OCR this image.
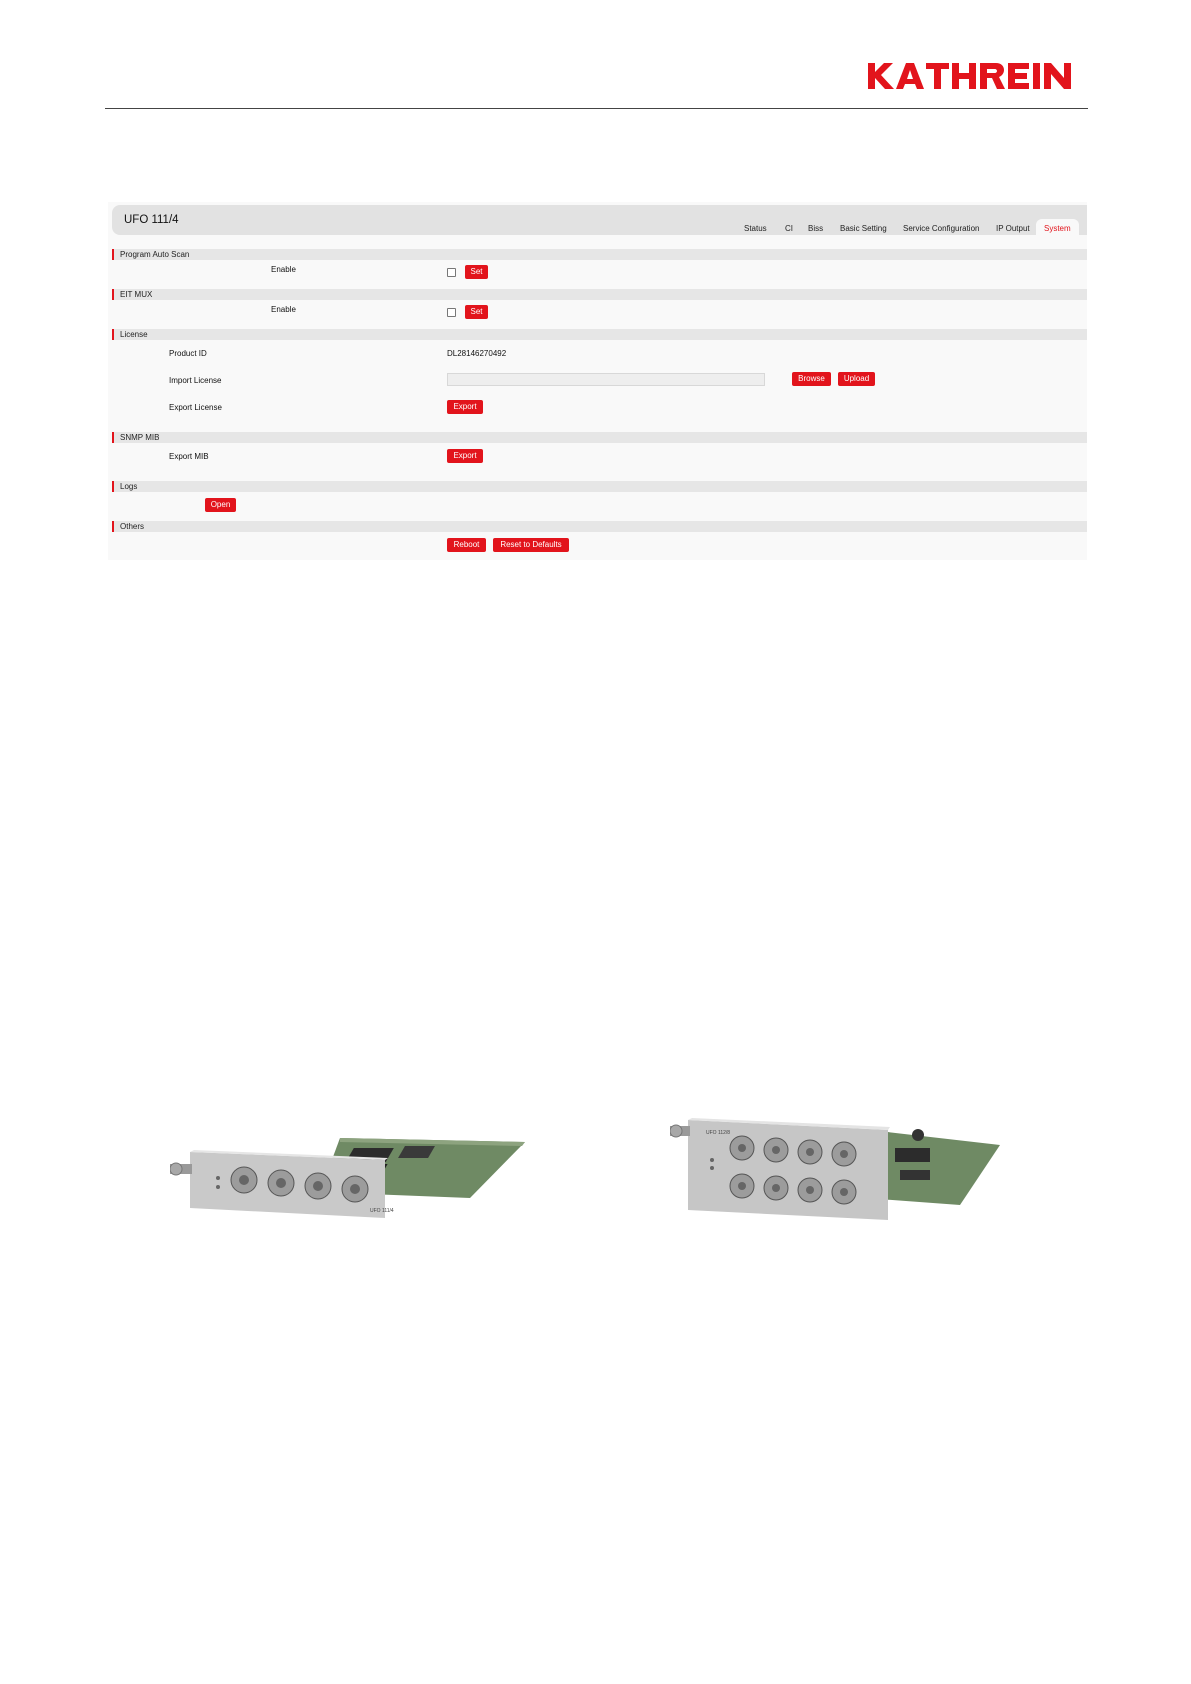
UFO 111/4
Status CI Biss Basic Setting Service Configuration IP Output	System
Program Auto Scan
Enable	Set
EIT MUX
Enable	Set
License
Product ID	DL28146270492
Import License	Browse	Upload
Export License	Export
SNMP MIB
Export MIB	Export
Logs
Open
Others
Reboot	Reset to Defaults
UFO 111/4
UFO 112/8
